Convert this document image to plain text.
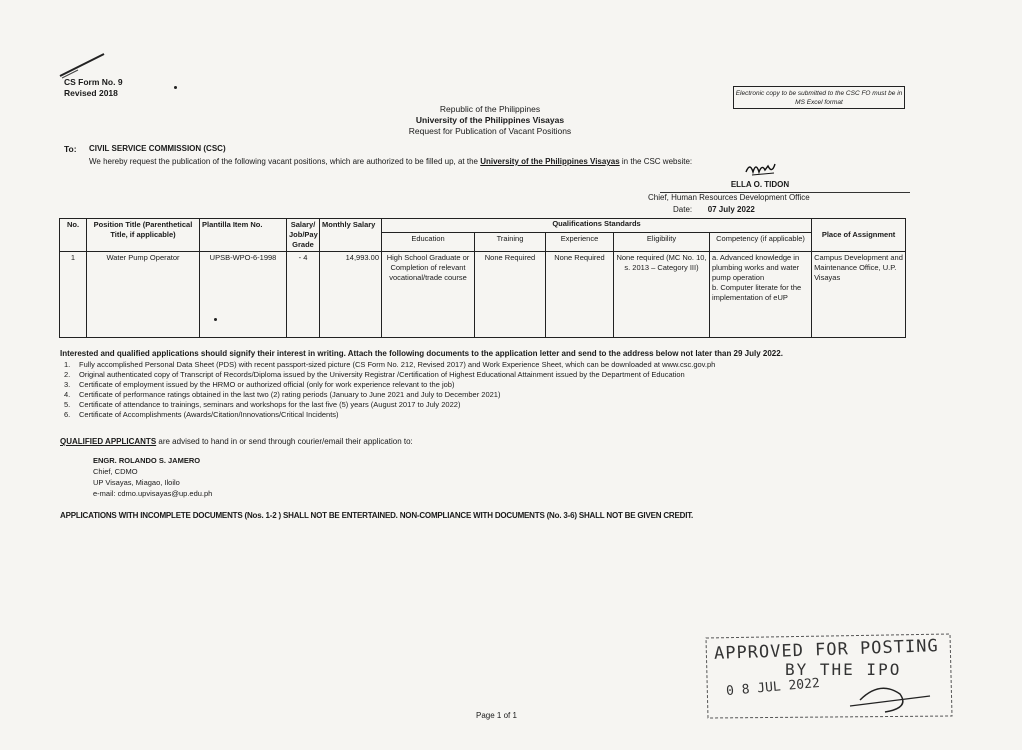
CS Form No. 9
Revised 2018	Electronic copy to be submitted to the CSC FO must be in MS Excel format
Republic of the Philippines
University of the Philippines Visayas
Request for Publication of Vacant Positions
To: CIVIL SERVICE COMMISSION (CSC)
We hereby request the publication of the following vacant positions, which are authorized to be filled up, at the University of the Philippines Visayas in the CSC website:
ELLA O. TIDON
Chief, Human Resources Development Office
Date: 07 July 2022
No.	Position Title (Parenthetical Title, if applicable)	Plantilla Item No.	Salary/ Job/Pay Grade	Monthly Salary	Qualifications Standards					Place of Assignment
					Education	Training	Experience	Eligibility	Competency (if applicable)	
1	Water Pump Operator	UPSB-WPO-6-1998	- 4	14,993.00	High School Graduate or Completion of relevant vocational/trade course	None Required	None Required	None required (MC No. 10, s. 2013 – Category III)	a. Advanced knowledge in plumbing works and water pump operation
b. Computer literate for the implementation of eUP	Campus Development and Maintenance Office, U.P. Visayas
Interested and qualified applications should signify their interest in writing. Attach the following documents to the application letter and send to the address below not later than 29 July 2022.
1. Fully accomplished Personal Data Sheet (PDS) with recent passport-sized picture (CS Form No. 212, Revised 2017) and Work Experience Sheet, which can be downloaded at www.csc.gov.ph
2. Original authenticated copy of Transcript of Records/Diploma issued by the University Registrar /Certification of Highest Educational Attainment issued by the Department of Education
3. Certificate of employment issued by the HRMO or authorized official (only for work experience relevant to the job)
4. Certificate of performance ratings obtained in the last two (2) rating periods (January to June 2021 and July to December 2021)
5. Certificate of attendance to trainings, seminars and workshops for the last five (5) years (August 2017 to July 2022)
6. Certificate of Accomplishments (Awards/Citation/Innovations/Critical Incidents)
QUALIFIED APPLICANTS are advised to hand in or send through courier/email their application to:
ENGR. ROLANDO S. JAMERO
Chief, CDMO
UP Visayas, Miagao, Iloilo
e-mail: cdmo.upvisayas@up.edu.ph
APPLICATIONS WITH INCOMPLETE DOCUMENTS (Nos. 1-2 ) SHALL NOT BE ENTERTAINED. NON-COMPLIANCE WITH DOCUMENTS (No. 3-6) SHALL NOT BE GIVEN CREDIT.
Page 1 of 1
APPROVED FOR POSTING
BY THE IPO
0 8 JUL 2022
